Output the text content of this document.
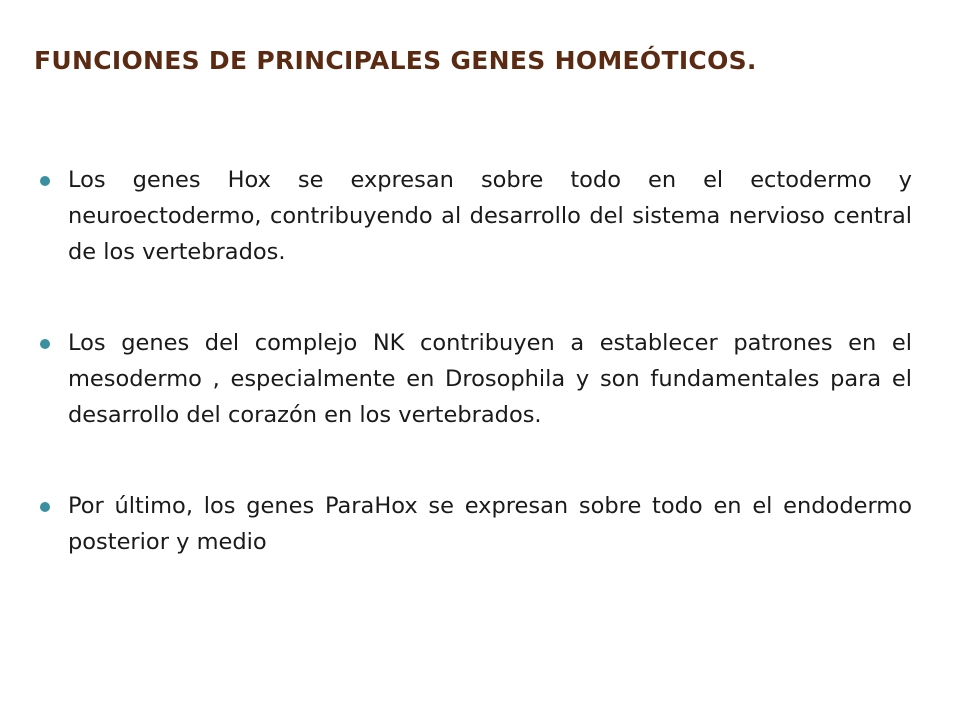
FUNCIONES DE PRINCIPALES GENES HOMEÓTICOS.
Los genes Hox se expresan sobre todo en el ectodermo y neuroectodermo, contribuyendo al desarrollo del sistema nervioso central de los vertebrados.
Los genes del complejo NK contribuyen a establecer patrones en el mesodermo , especialmente en Drosophila y son fundamentales para el desarrollo del corazón en los vertebrados.
Por último, los genes ParaHox se expresan sobre todo en el endodermo posterior y medio
